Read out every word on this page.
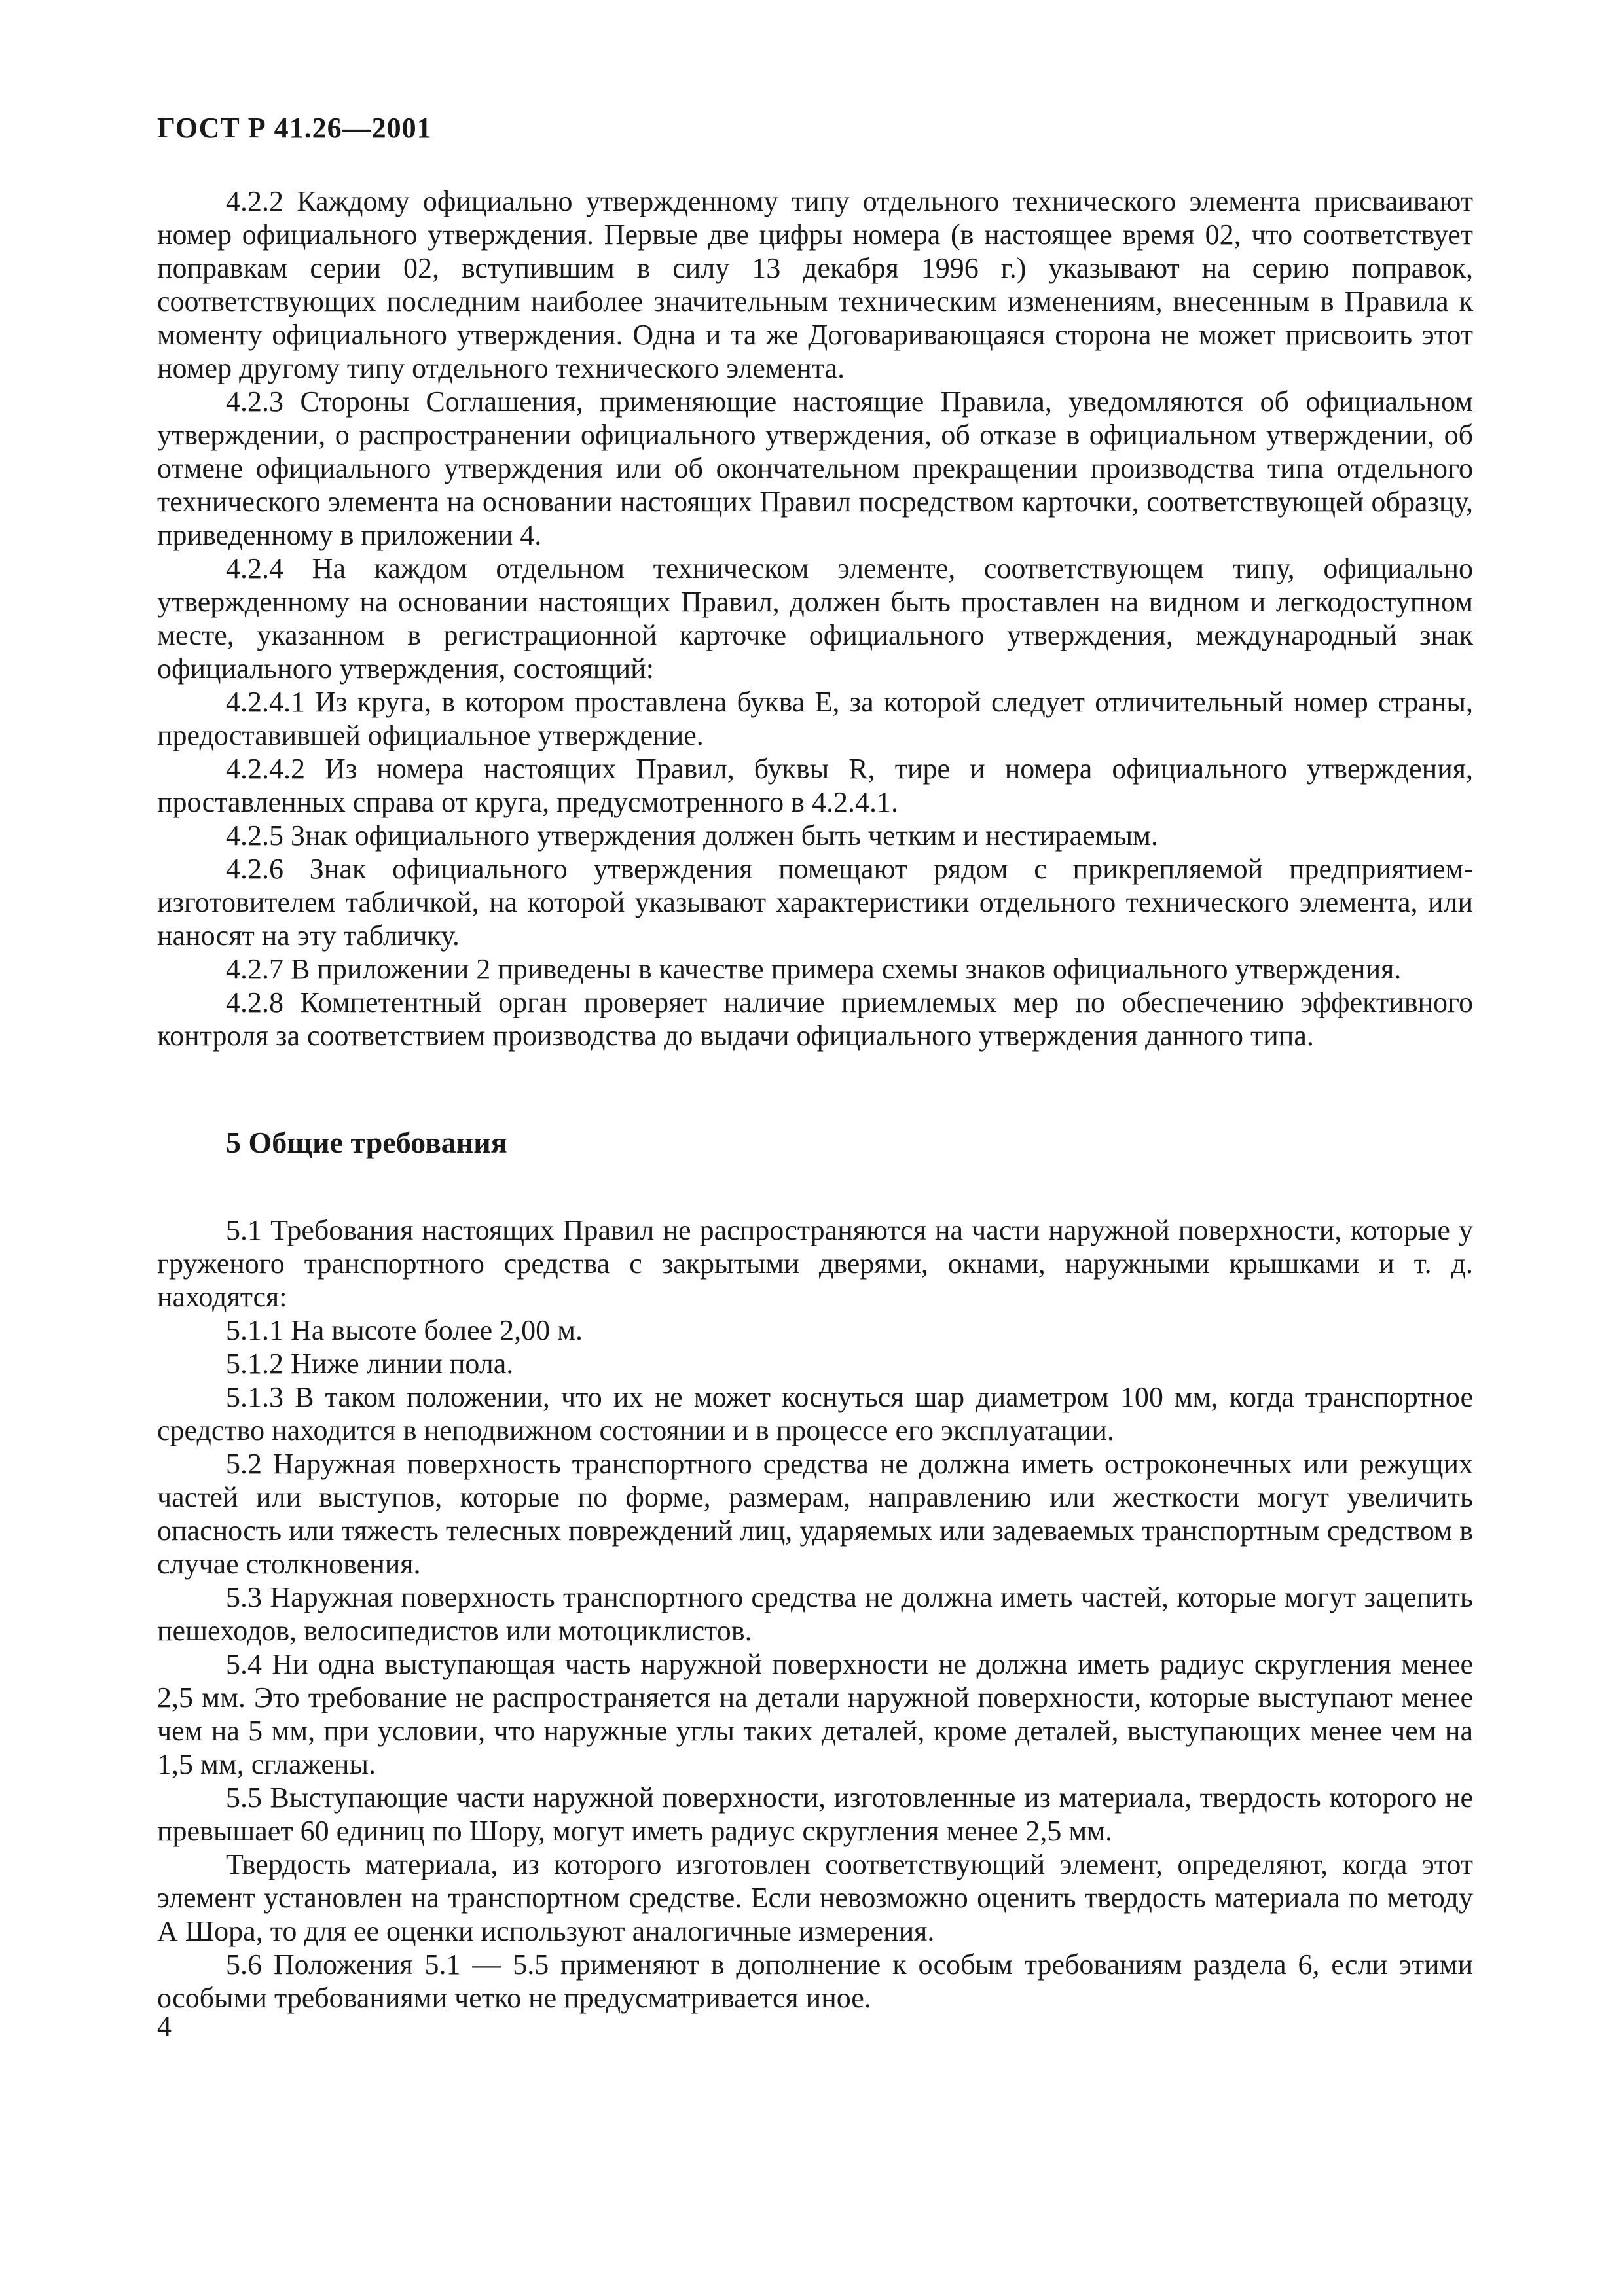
ГОСТ Р 41.26—2001

4.2.2 Каждому официально утвержденному типу отдельного технического элемента присваивают номер официального утверждения. Первые две цифры номера (в настоящее время 02, что соответствует поправкам серии 02, вступившим в силу 13 декабря 1996 г.) указывают на серию поправок, соответствующих последним наиболее значительным техническим изменениям, внесенным в Правила к моменту официального утверждения. Одна и та же Договаривающаяся сторона не может присвоить этот номер другому типу отдельного технического элемента.

4.2.3 Стороны Соглашения, применяющие настоящие Правила, уведомляются об официальном утверждении, о распространении официального утверждения, об отказе в официальном утверждении, об отмене официального утверждения или об окончательном прекращении производства типа отдельного технического элемента на основании настоящих Правил посредством карточки, соответствующей образцу, приведенному в приложении 4.

4.2.4 На каждом отдельном техническом элементе, соответствующем типу, официально утвержденному на основании настоящих Правил, должен быть проставлен на видном и легкодоступном месте, указанном в регистрационной карточке официального утверждения, международный знак официального утверждения, состоящий:

4.2.4.1 Из круга, в котором проставлена буква Е, за которой следует отличительный номер страны, предоставившей официальное утверждение.

4.2.4.2 Из номера настоящих Правил, буквы R, тире и номера официального утверждения, проставленных справа от круга, предусмотренного в 4.2.4.1.

4.2.5 Знак официального утверждения должен быть четким и нестираемым.

4.2.6 Знак официального утверждения помещают рядом с прикрепляемой предприятием-изготовителем табличкой, на которой указывают характеристики отдельного технического элемента, или наносят на эту табличку.

4.2.7 В приложении 2 приведены в качестве примера схемы знаков официального утверждения.

4.2.8 Компетентный орган проверяет наличие приемлемых мер по обеспечению эффективного контроля за соответствием производства до выдачи официального утверждения данного типа.

5 Общие требования

5.1 Требования настоящих Правил не распространяются на части наружной поверхности, которые у груженого транспортного средства с закрытыми дверями, окнами, наружными крышками и т. д. находятся:

5.1.1 На высоте более 2,00 м.

5.1.2 Ниже линии пола.

5.1.3 В таком положении, что их не может коснуться шар диаметром 100 мм, когда транспортное средство находится в неподвижном состоянии и в процессе его эксплуатации.

5.2 Наружная поверхность транспортного средства не должна иметь остроконечных или режущих частей или выступов, которые по форме, размерам, направлению или жесткости могут увеличить опасность или тяжесть телесных повреждений лиц, ударяемых или задеваемых транспортным средством в случае столкновения.

5.3 Наружная поверхность транспортного средства не должна иметь частей, которые могут зацепить пешеходов, велосипедистов или мотоциклистов.

5.4 Ни одна выступающая часть наружной поверхности не должна иметь радиус скругления менее 2,5 мм. Это требование не распространяется на детали наружной поверхности, которые выступают менее чем на 5 мм, при условии, что наружные углы таких деталей, кроме деталей, выступающих менее чем на 1,5 мм, сглажены.

5.5 Выступающие части наружной поверхности, изготовленные из материала, твердость которого не превышает 60 единиц по Шору, могут иметь радиус скругления менее 2,5 мм.

Твердость материала, из которого изготовлен соответствующий элемент, определяют, когда этот элемент установлен на транспортном средстве. Если невозможно оценить твердость материала по методу А Шора, то для ее оценки используют аналогичные измерения.

5.6 Положения 5.1 — 5.5 применяют в дополнение к особым требованиям раздела 6, если этими особыми требованиями четко не предусматривается иное.

4
